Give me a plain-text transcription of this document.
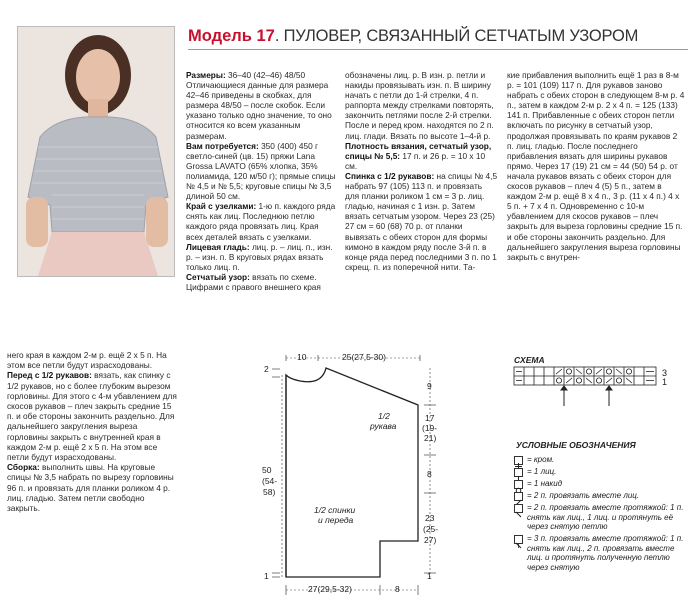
Модель 17. ПУЛОВЕР, СВЯЗАННЫЙ СЕТЧАТЫМ УЗОРОМ

Размеры: 36–40 (42–46) 48/50 Отличающиеся данные для размера 42–46 приведены в скобках, для размера 48/50 – после скобок. Если указано только одно значение, то оно относится ко всем указанным размерам.

Вам потребуется: 350 (400) 450 г светло-синей (цв. 15) пряжи Lana Grossa LAVATO (65% хлопка, 35% полиамида, 120 м/50 г); прямые спицы № 4,5 и № 5,5; круговые спицы № 3,5 длиной 50 см.

Край с узелками: 1-ю п. каждого ряда снять как лиц. Последнюю петлю каждого ряда провязать лиц. Края всех деталей вязать с узелками.

Лицевая гладь: лиц. р. – лиц. п., изн. р. – изн. п. В круговых рядах вязать только лиц. п.

Сетчатый узор: вязать по схеме. Цифрами с правого внешнего края

обозначены лиц. р. В изн. р. петли и накиды провязывать изн. п. В ширину начать с петли до 1-й стрелки, 4 п. раппорта между стрелками повторять, закончить петлями после 2-й стрелки. После и перед кром. находятся по 2 п. лиц. глади. Вязать по высоте 1–4-й р.

Плотность вязания, сетчатый узор, спицы № 5,5: 17 п. и 26 р. = 10 х 10 см.

Спинка с 1/2 рукавов: на спицы № 4,5 набрать 97 (105) 113 п. и провязать для планки роликом 1 см = 3 р. лиц. гладью, начиная с 1 изн. р. Затем вязать сетчатым узором. Через 23 (25) 27 см = 60 (68) 70 р. от планки вывязать с обеих сторон для формы кимоно в каждом ряду после 3-й п. в конце ряда перед последними 3 п. по 1 скрещ. п. из поперечной нити. Та-

кие прибавления выполнить ещё 1 раз в 8-м р. = 101 (109) 117 п. Для рукавов заново набрать с обеих сторон в следующем 8-м р. 4 п., затем в каждом 2-м р. 2 х 4 п. = 125 (133) 141 п. Прибавленные с обеих сторон петли включать по рисунку в сетчатый узор, продолжая провязывать по краям рукавов 2 п. лиц. гладью. После последнего прибавления вязать для ширины рукавов прямо. Через 17 (19) 21 см = 44 (50) 54 р. от начала рукавов вязать с обеих сторон для скосов рукавов – плеч 4 (5) 5 п., затем в каждом 2-м р. ещё 8 х 4 п., 3 р. (11 х 4 п.) 4 х 5 п. + 7 х 4 п. Одновременно с 10-м убавлением для скосов рукавов – плеч закрыть для выреза горловины средние 15 п. и обе стороны закончить раздельно. Для дальнейшего закругления выреза горловины закрыть с внутрен-

него края в каждом 2-м р. ещё 2 х 5 п. На этом все петли будут израсходованы.

Перед с 1/2 рукавов: вязать, как спинку с 1/2 рукавов, но с более глубоким вырезом горловины. Для этого с 4-м убавлением для скосов рукавов – плеч закрыть средние 15 п. и обе стороны закончить раздельно. Для дальнейшего закругления выреза горловины закрыть с внутренней края в каждом 2-м р. ещё 2 х 5 п. На этом все петли будут израсходованы.

Сборка: выполнить швы. На круговые спицы № 3,5 набрать по вырезу горловины 96 п. и провязать для планки роликом 4 р. лиц. гладью. Затем петли свободно закрыть.

10	25(27,5-30)
2
9
17
(19-
21)
8
23
(25-
27)
1
1/2
рукава
50
(54-
58)
1/2 спинки
и переда
1
27(29,5-32)	8
СХЕМА
3
1
УСЛОВНЫЕ ОБОЗНАЧЕНИЯ
= кром.
= 1 лиц.
= 1 накид
= 2 п. провязать вместе лиц.
= 2 п. провязать вместе протяжкой: 1 п. снять как лиц., 1 лиц. и протянуть её через снятую петлю
= 3 п. провязать вместе протяжкой: 1 п. снять как лиц., 2 п. провязать вместе лиц. и протянуть полученную петлю через снятую
